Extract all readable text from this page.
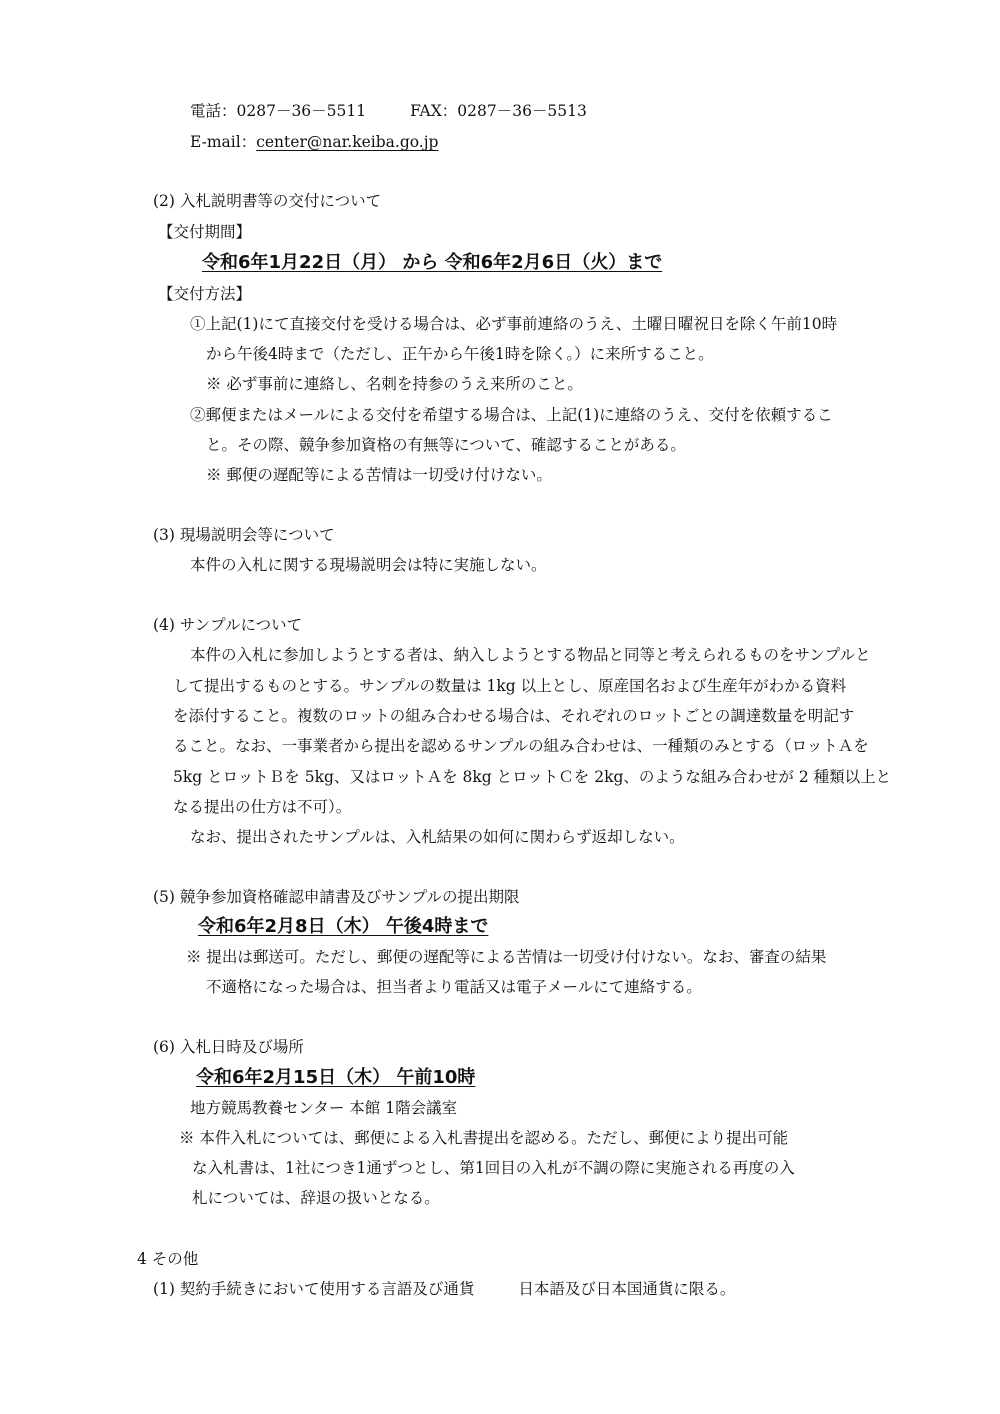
電話：0287－36－5511	FAX：0287－36－5513
E-mail：center@nar.keiba.go.jp
(2) 入札説明書等の交付について
【交付期間】
令和6年1月22日（月） から 令和6年2月6日（火）まで
【交付方法】
①上記(1)にて直接交付を受ける場合は、必ず事前連絡のうえ、土曜日曜祝日を除く午前10時
から午後4時まで（ただし、正午から午後1時を除く。）に来所すること。
※ 必ず事前に連絡し、名刺を持参のうえ来所のこと。
②郵便またはメールによる交付を希望する場合は、上記(1)に連絡のうえ、交付を依頼するこ
と。その際、競争参加資格の有無等について、確認することがある。
※ 郵便の遅配等による苦情は一切受け付けない。
(3) 現場説明会等について
本件の入札に関する現場説明会は特に実施しない。
(4) サンプルについて
本件の入札に参加しようとする者は、納入しようとする物品と同等と考えられるものをサンプルと
して提出するものとする。サンプルの数量は 1kg 以上とし、原産国名および生産年がわかる資料
を添付すること。複数のロットの組み合わせる場合は、それぞれのロットごとの調達数量を明記す
ること。なお、一事業者から提出を認めるサンプルの組み合わせは、一種類のみとする（ロットＡを
5kg とロットＢを 5kg、又はロットＡを 8kg とロットＣを 2kg、のような組み合わせが 2 種類以上と
なる提出の仕方は不可）。
なお、提出されたサンプルは、入札結果の如何に関わらず返却しない。
(5) 競争参加資格確認申請書及びサンプルの提出期限
令和6年2月8日（木） 午後4時まで
※ 提出は郵送可。ただし、郵便の遅配等による苦情は一切受け付けない。なお、審査の結果
不適格になった場合は、担当者より電話又は電子メールにて連絡する。
(6) 入札日時及び場所
令和6年2月15日（木） 午前10時
地方競馬教養センター 本館 1階会議室
※ 本件入札については、郵便による入札書提出を認める。ただし、郵便により提出可能
な入札書は、1社につき1通ずつとし、第1回目の入札が不調の際に実施される再度の入
札については、辞退の扱いとなる。
4 その他
(1) 契約手続きにおいて使用する言語及び通貨	日本語及び日本国通貨に限る。
